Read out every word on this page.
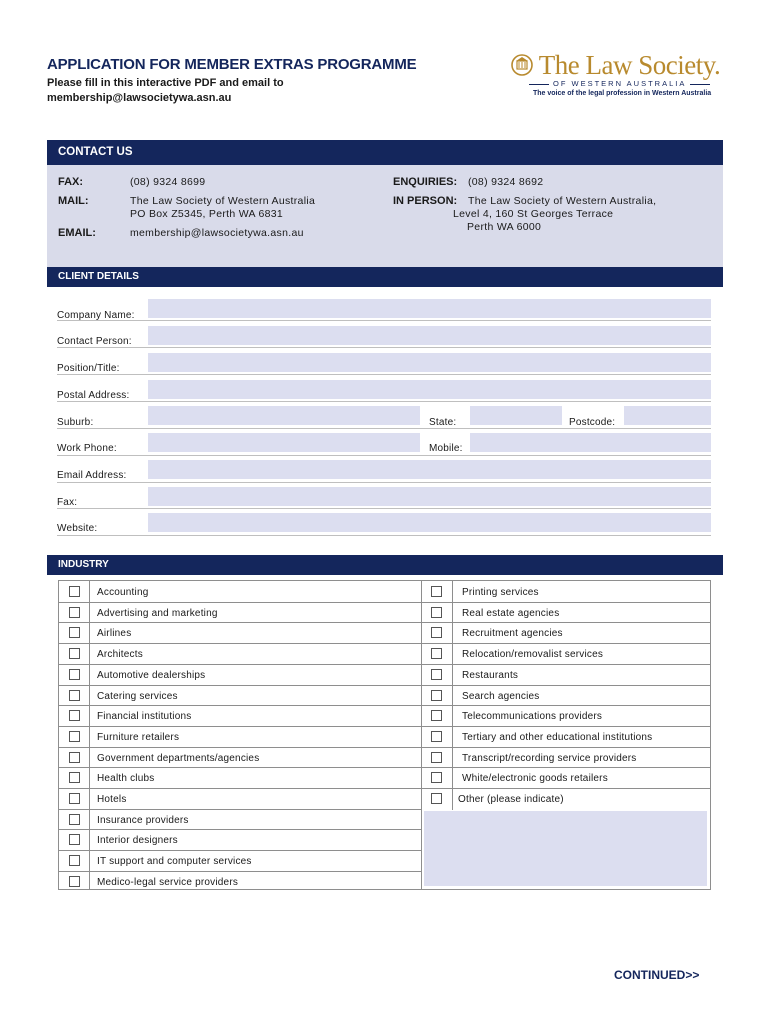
APPLICATION FOR MEMBER EXTRAS PROGRAMME
Please fill in this interactive PDF and email to
membership@lawsocietywa.asn.au
The Law Society.
OF WESTERN AUSTRALIA
The voice of the legal profession in Western Australia
CONTACT US
FAX:	(08) 9324 8699
MAIL:	The Law Society of Western Australia
PO Box Z5345, Perth WA 6831
EMAIL:	membership@lawsocietywa.asn.au
ENQUIRIES: (08) 9324 8692
IN PERSON: The Law Society of Western Australia,
Level 4, 160 St Georges Terrace
Perth WA 6000
CLIENT DETAILS
Company Name:
Contact Person:
Position/Title:
Postal Address:
Suburb:	State:	Postcode:
Work Phone:	Mobile:
Email Address:
Fax:
Website:
INDUSTRY
Accounting
Advertising and marketing
Airlines
Architects
Automotive dealerships
Catering services
Financial institutions
Furniture retailers
Government departments/agencies
Health clubs
Hotels
Insurance providers
Interior designers
IT support and computer services
Medico-legal service providers
Printing services
Real estate agencies
Recruitment agencies
Relocation/removalist services
Restaurants
Search agencies
Telecommunications providers
Tertiary and other educational institutions
Transcript/recording service providers
White/electronic goods retailers
Other (please indicate)
CONTINUED>>
